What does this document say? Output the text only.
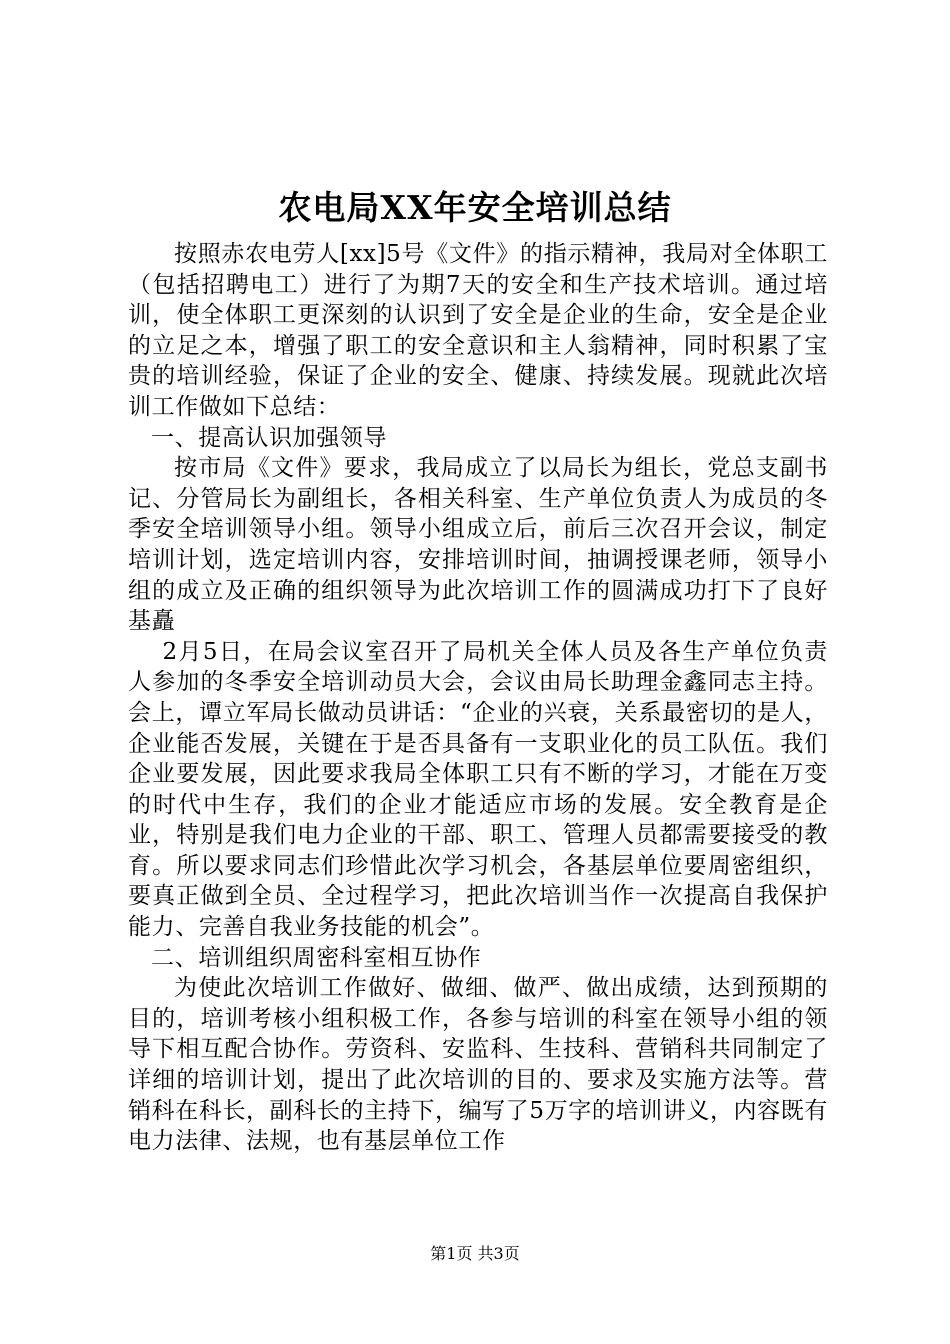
农电局XX年安全培训总结

按照赤农电劳人[xx]5号《文件》的指示精神，我局对全体职工（包括招聘电工）进行了为期7天的安全和生产技术培训。通过培训，使全体职工更深刻的认识到了安全是企业的生命，安全是企业的立足之本，增强了职工的安全意识和主人翁精神，同时积累了宝贵的培训经验，保证了企业的安全、健康、持续发展。现就此次培训工作做如下总结：

一、提高认识加强领导

按市局《文件》要求，我局成立了以局长为组长，党总支副书记、分管局长为副组长，各相关科室、生产单位负责人为成员的冬季安全培训领导小组。领导小组成立后，前后三次召开会议，制定培训计划，选定培训内容，安排培训时间，抽调授课老师，领导小组的成立及正确的组织领导为此次培训工作的圆满成功打下了良好基矗

2月5日，在局会议室召开了局机关全体人员及各生产单位负责人参加的冬季安全培训动员大会，会议由局长助理金鑫同志主持。会上，谭立军局长做动员讲话：“企业的兴衰，关系最密切的是人，企业能否发展，关键在于是否具备有一支职业化的员工队伍。我们企业要发展，因此要求我局全体职工只有不断的学习，才能在万变的时代中生存，我们的企业才能适应市场的发展。安全教育是企业，特别是我们电力企业的干部、职工、管理人员都需要接受的教育。所以要求同志们珍惜此次学习机会，各基层单位要周密组织，要真正做到全员、全过程学习，把此次培训当作一次提高自我保护能力、完善自我业务技能的机会”。

二、培训组织周密科室相互协作

为使此次培训工作做好、做细、做严、做出成绩，达到预期的目的，培训考核小组积极工作，各参与培训的科室在领导小组的领导下相互配合协作。劳资科、安监科、生技科、营销科共同制定了详细的培训计划，提出了此次培训的目的、要求及实施方法等。营销科在科长，副科长的主持下，编写了5万字的培训讲义，内容既有电力法律、法规，也有基层单位工作

第1页 共3页
